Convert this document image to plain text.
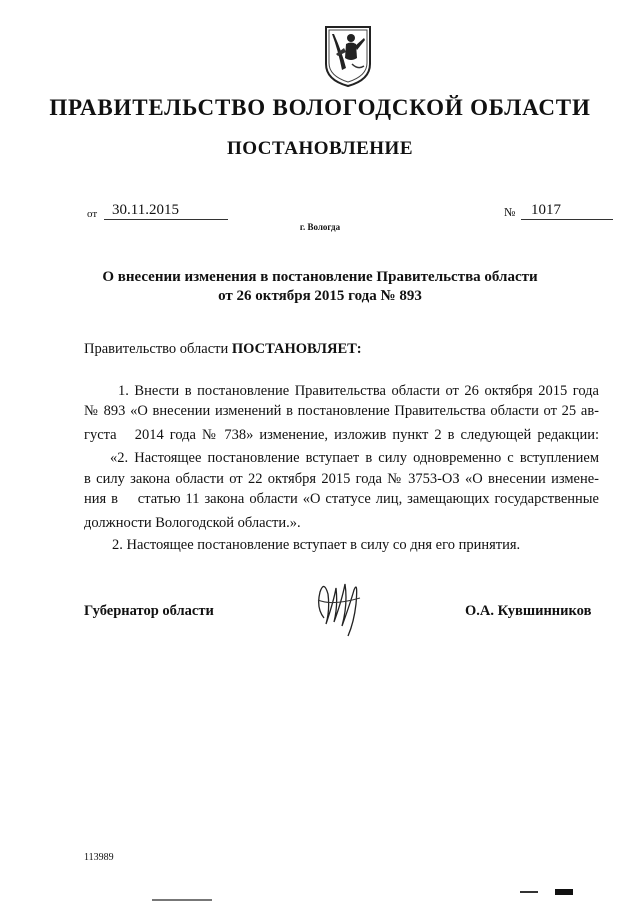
ПРАВИТЕЛЬСТВО ВОЛОГОДСКОЙ ОБЛАСТИ
ПОСТАНОВЛЕНИЕ
от 30.11.2015	№	1017
г. Вологда
О внесении изменения в постановление Правительства области
от 26 октября 2015 года № 893
Правительство области ПОСТАНОВЛЯЕТ:
1. Внести в постановление Правительства области от 26 октября 2015 года
№ 893 «О внесении изменений в постановление Правительства области от 25 ав-
густа   2014 года № 738» изменение, изложив пункт 2 в следующей редакции:
«2. Настоящее постановление вступает в силу одновременно с вступлением
в силу закона области от 22 октября 2015 года № 3753-ОЗ «О внесении измене-
ния в    статью 11 закона области «О статусе лиц, замещающих государственные
должности Вологодской области.».
2. Настоящее постановление вступает в силу со дня его принятия.
Губернатор области	О.А. Кувшинников
113989
